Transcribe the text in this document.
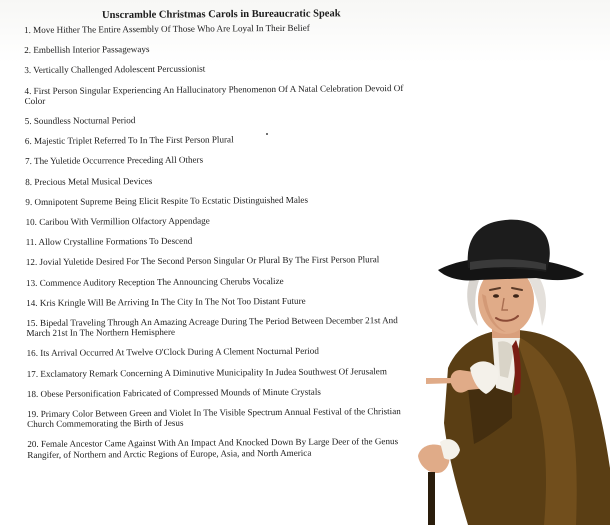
Unscramble Christmas Carols in Bureaucratic Speak

1. Move Hither The Entire Assembly Of Those Who Are Loyal In Their Belief

2. Embellish Interior Passageways

3. Vertically Challenged Adolescent Percussionist

4. First Person Singular Experiencing An Hallucinatory Phenomenon Of A Natal Celebration Devoid Of Color

5. Soundless Nocturnal Period

6. Majestic Triplet Referred To In The First Person Plural

7. The Yuletide Occurrence Preceding All Others

8. Precious Metal Musical Devices

9. Omnipotent Supreme Being Elicit Respite To Ecstatic Distinguished Males

10. Caribou With Vermillion Olfactory Appendage

11. Allow Crystalline Formations To Descend

12. Jovial Yuletide Desired For The Second Person Singular Or Plural By The First Person Plural

13. Commence Auditory Reception The Announcing Cherubs Vocalize

14. Kris Kringle Will Be Arriving In The City In The Not Too Distant Future

15. Bipedal Traveling Through An Amazing Acreage During The Period Between December 21st And March 21st In The Northern Hemisphere

16. Its Arrival Occurred At Twelve O'Clock During A Clement Nocturnal Period

17. Exclamatory Remark Concerning A Diminutive Municipality In Judea Southwest Of Jerusalem

18. Obese Personification Fabricated of Compressed Mounds of Minute Crystals

19. Primary Color Between Green and Violet In The Visible Spectrum Annual Festival of the Christian Church Commemorating the Birth of Jesus

20. Female Ancestor Came Against With An Impact And Knocked Down By Large Deer of the Genus Rangifer, of Northern and Arctic Regions of Europe, Asia, and North America
